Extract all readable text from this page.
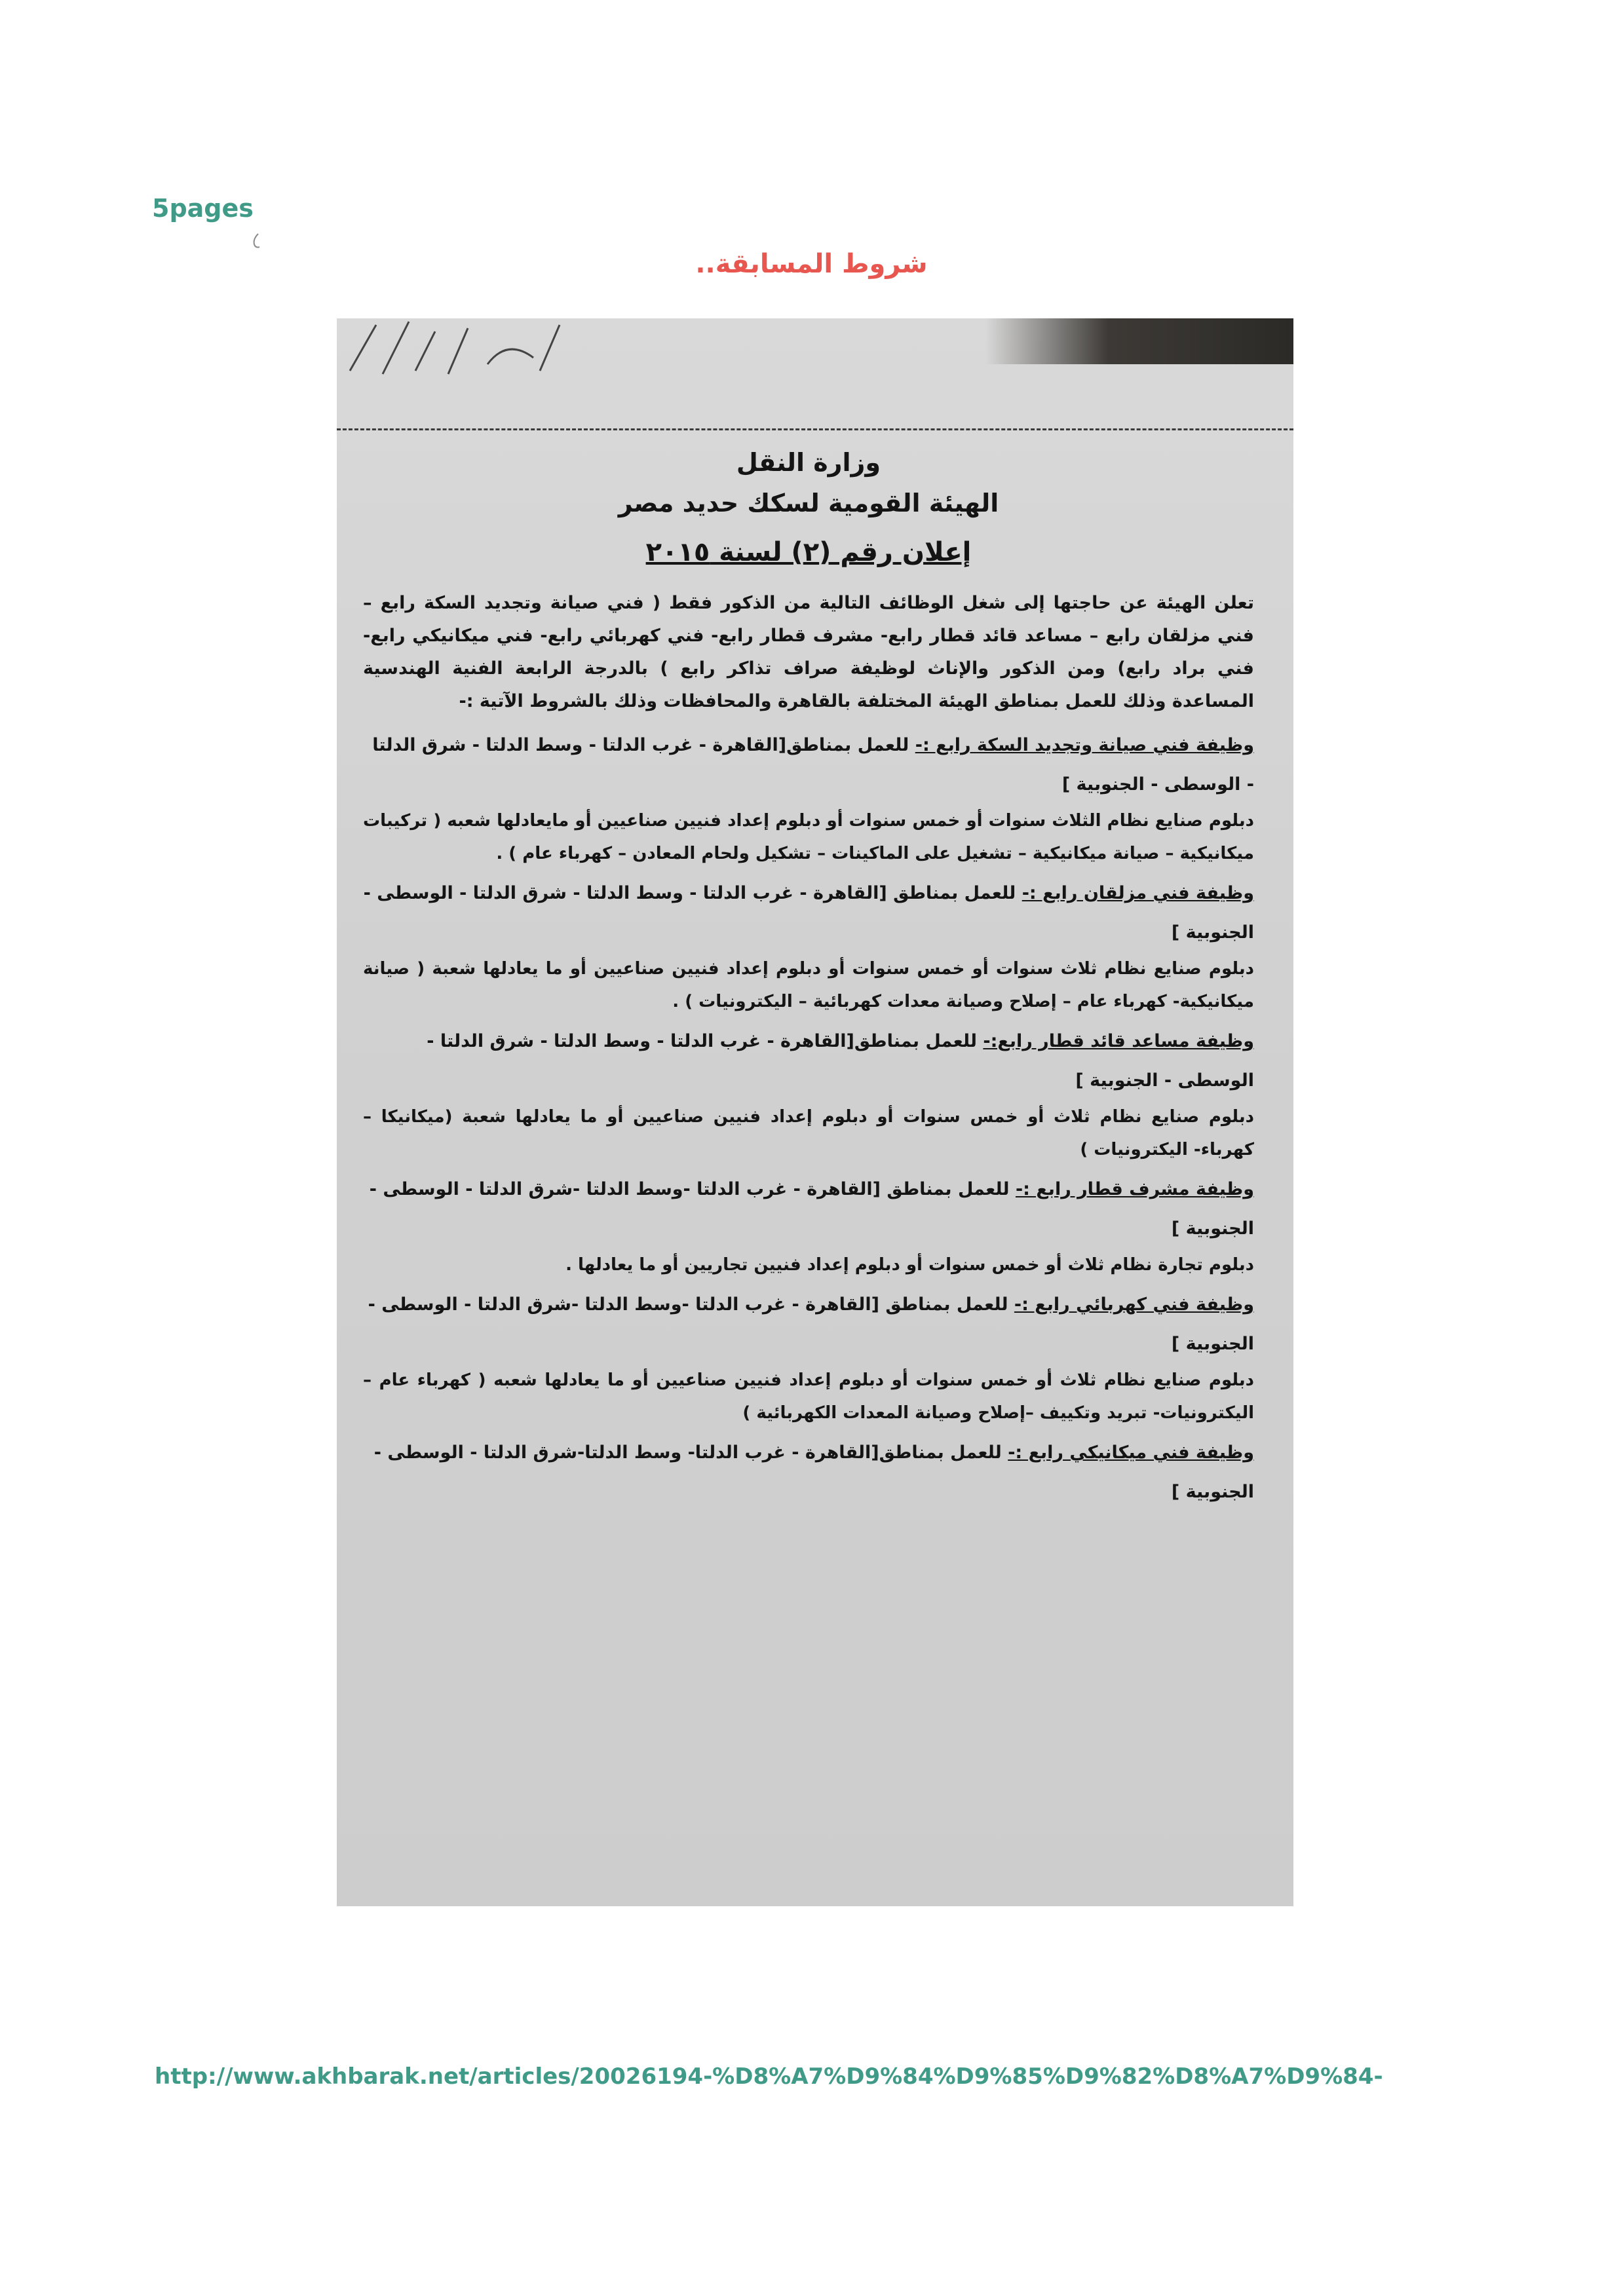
5pages
..شروط المسابقة
وزارة النقل
الهيئة القومية لسكك حديد مصر
إعلان رقم (٢) لسنة ٢٠١٥
تعلن الهيئة عن حاجتها إلى شغل الوظائف التالية من الذكور فقط ( فني صيانة وتجديد السكة رابع – فني مزلقان رابع – مساعد قائد قطار رابع- مشرف قطار رابع- فني كهربائي رابع- فني ميكانيكي رابع- فني براد رابع) ومن الذكور والإناث لوظيفة صراف تذاكر رابع ) بالدرجة الرابعة الفنية الهندسية المساعدة وذلك للعمل بمناطق الهيئة المختلفة بالقاهرة والمحافظات وذلك بالشروط الآتية :-
وظيفة فني صيانة وتجديد السكة رابع :- للعمل بمناطق[القاهرة - غرب الدلتا - وسط الدلتا - شرق الدلتا - الوسطى - الجنوبية ]
دبلوم صنايع نظام الثلاث سنوات أو خمس سنوات أو دبلوم إعداد فنيين صناعيين أو مايعادلها شعبه ( تركيبات ميكانيكية – صيانة ميكانيكية – تشغيل على الماكينات – تشكيل ولحام المعادن – كهرباء عام ) .
وظيفة فني مزلقان رابع :- للعمل بمناطق [القاهرة - غرب الدلتا - وسط الدلتا - شرق الدلتا - الوسطى - الجنوبية ]
دبلوم صنايع نظام ثلاث سنوات أو خمس سنوات أو دبلوم إعداد فنيين صناعيين أو ما يعادلها شعبة ( صيانة ميكانيكية- كهرباء عام – إصلاح وصيانة معدات كهربائية – اليكترونيات ) .
وظيفة مساعد قائد قطار رابع:- للعمل بمناطق[القاهرة - غرب الدلتا - وسط الدلتا - شرق الدلتا - الوسطى - الجنوبية ]
دبلوم صنايع نظام ثلاث أو خمس سنوات أو دبلوم إعداد فنيين صناعيين أو ما يعادلها شعبة (ميكانيكا – كهرباء- اليكترونيات )
وظيفة مشرف قطار رابع :- للعمل بمناطق [القاهرة - غرب الدلتا -وسط الدلتا -شرق الدلتا - الوسطى - الجنوبية ]
دبلوم تجارة نظام ثلاث أو خمس سنوات أو دبلوم إعداد فنيين تجاريين أو ما يعادلها .
وظيفة فني كهربائي رابع :- للعمل بمناطق [القاهرة - غرب الدلتا -وسط الدلتا -شرق الدلتا - الوسطى - الجنوبية ]
دبلوم صنايع نظام ثلاث أو خمس سنوات أو دبلوم إعداد فنيين صناعيين أو ما يعادلها شعبه ( كهرباء عام –اليكترونيات- تبريد وتكييف –إصلاح وصيانة المعدات الكهربائية )
وظيفة فني ميكانيكي رابع :- للعمل بمناطق[القاهرة - غرب الدلتا- وسط الدلتا-شرق الدلتا - الوسطى - الجنوبية ]
http://www.akhbarak.net/articles/20026194-%D8%A7%D9%84%D9%85%D9%82%D8%A7%D9%84-
